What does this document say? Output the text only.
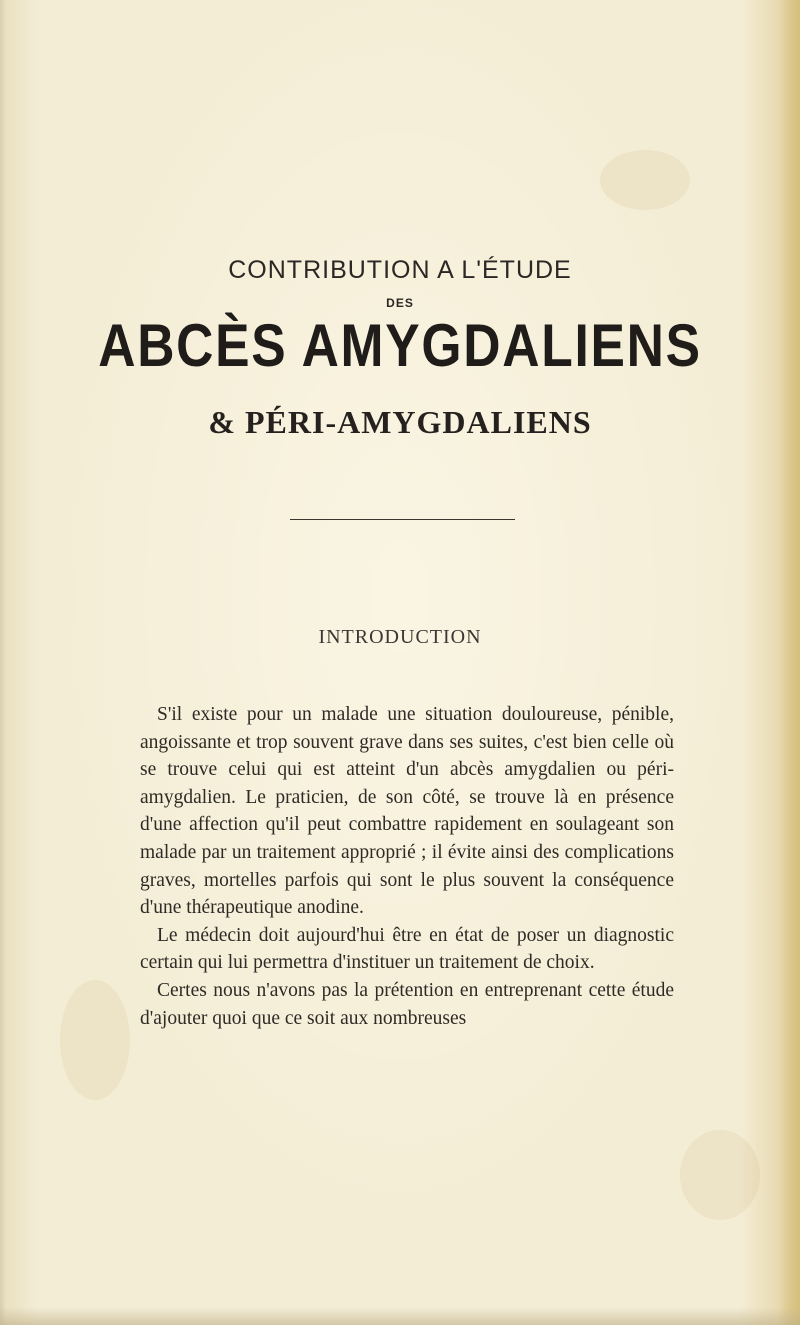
CONTRIBUTION A L'ÉTUDE
DES
ABCÈS AMYGDALIENS
& PÉRI-AMYGDALIENS
INTRODUCTION

S'il existe pour un malade une situation douloureuse, pénible, angoissante et trop souvent grave dans ses suites, c'est bien celle où se trouve celui qui est atteint d'un abcès amygdalien ou péri-amygdalien. Le praticien, de son côté, se trouve là en présence d'une affection qu'il peut combattre rapidement en soulageant son malade par un traitement approprié ; il évite ainsi des complications graves, mortelles parfois qui sont le plus souvent la conséquence d'une thérapeutique anodine.

Le médecin doit aujourd'hui être en état de poser un diagnostic certain qui lui permettra d'instituer un traitement de choix.

Certes nous n'avons pas la prétention en entreprenant cette étude d'ajouter quoi que ce soit aux nombreuses
